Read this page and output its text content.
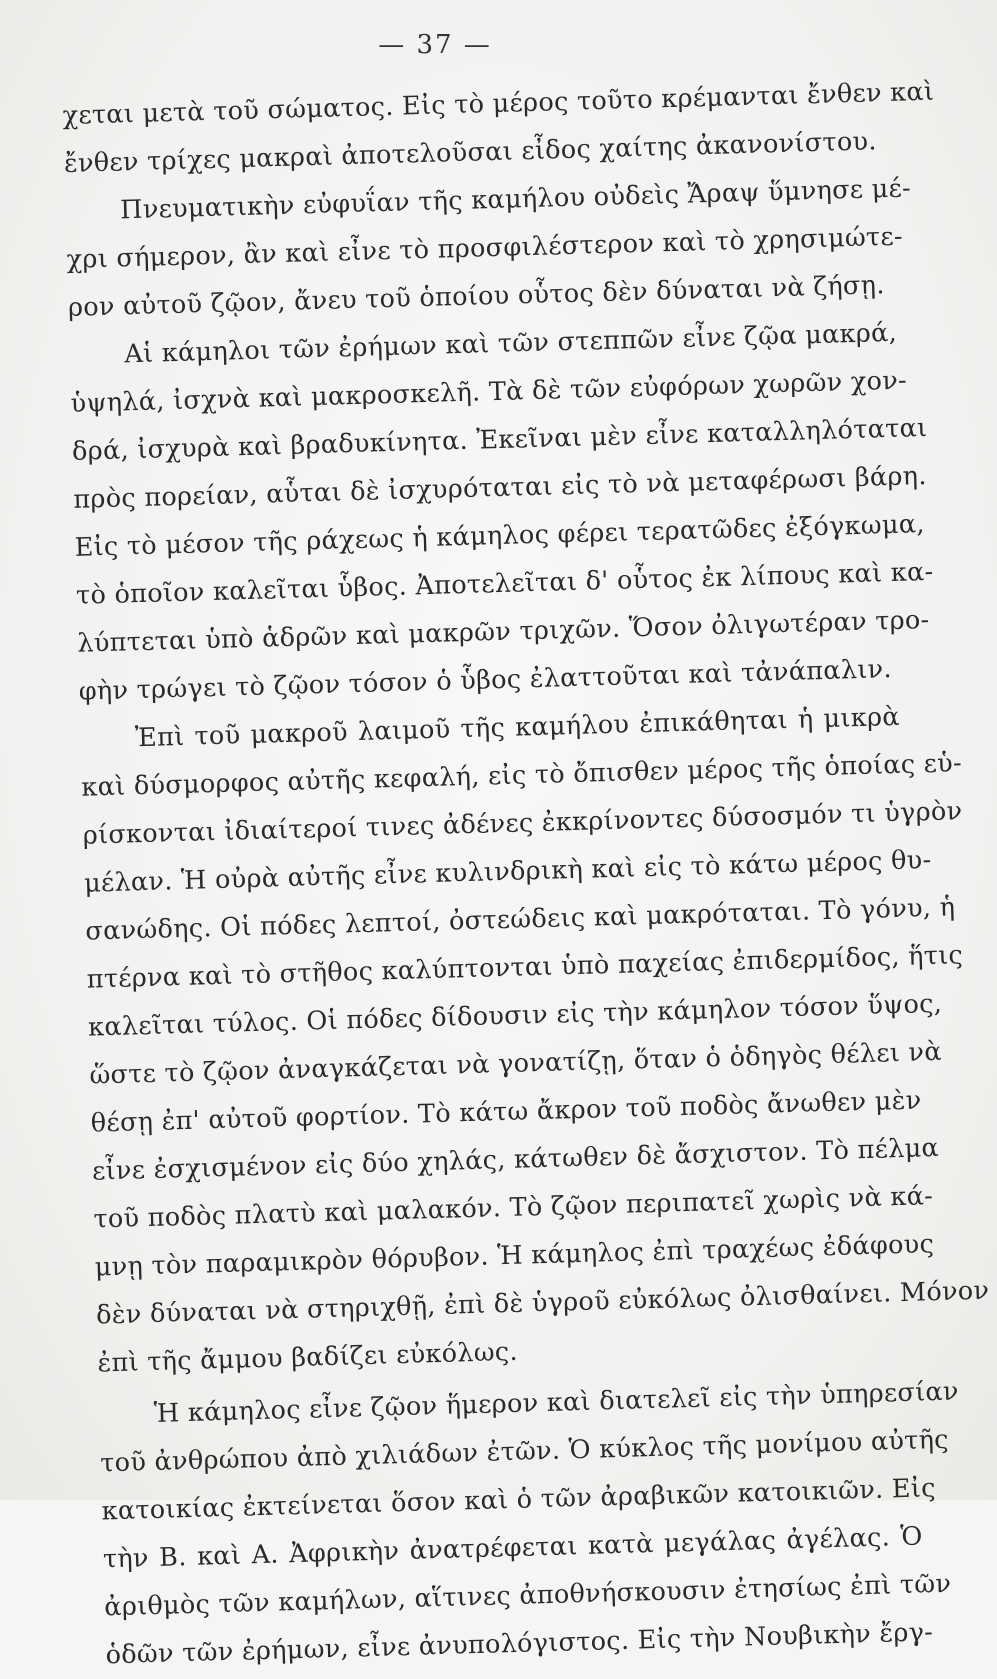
— 37 —
χεται μετὰ τοῦ σώματος. Εἰς τὸ μέρος τοῦτο κρέμανται ἔνθεν καὶ
ἔνθεν τρίχες μακραὶ ἀποτελοῦσαι εἶδος χαίτης ἀκανονίστου.
Πνευματικὴν εὐφυΐαν τῆς καμήλου οὐδεὶς Ἄραψ ὕμνησε μέ-
χρι σήμερον, ἂν καὶ εἶνε τὸ προσφιλέστερον καὶ τὸ χρησιμώτε-
ρον αὐτοῦ ζῷον, ἄνευ τοῦ ὁποίου οὗτος δὲν δύναται νὰ ζήσῃ.
Αἱ κάμηλοι τῶν ἐρήμων καὶ τῶν στεππῶν εἶνε ζῷα μακρά,
ὑψηλά, ἰσχνὰ καὶ μακροσκελῆ. Τὰ δὲ τῶν εὐφόρων χωρῶν χον-
δρά, ἰσχυρὰ καὶ βραδυκίνητα. Ἐκεῖναι μὲν εἶνε καταλληλόταται
πρὸς πορείαν, αὗται δὲ ἰσχυρόταται εἰς τὸ νὰ μεταφέρωσι βάρη.
Εἰς τὸ μέσον τῆς ράχεως ἡ κάμηλος φέρει τερατῶδες ἐξόγκωμα,
τὸ ὁποῖον καλεῖται ὗβος. Ἀποτελεῖται δ' οὗτος ἐκ λίπους καὶ κα-
λύπτεται ὑπὸ ἁδρῶν καὶ μακρῶν τριχῶν. Ὅσον ὀλιγωτέραν τρο-
φὴν τρώγει τὸ ζῷον τόσον ὁ ὗβος ἐλαττοῦται καὶ τἀνάπαλιν.
Ἐπὶ τοῦ μακροῦ λαιμοῦ τῆς καμήλου ἐπικάθηται ἡ μικρὰ
καὶ δύσμορφος αὐτῆς κεφαλή, εἰς τὸ ὄπισθεν μέρος τῆς ὁποίας εὑ-
ρίσκονται ἰδιαίτεροί τινες ἀδένες ἐκκρίνοντες δύσοσμόν τι ὑγρὸν
μέλαν. Ἡ οὐρὰ αὐτῆς εἶνε κυλινδρικὴ καὶ εἰς τὸ κάτω μέρος θυ-
σανώδης. Οἱ πόδες λεπτοί, ὀστεώδεις καὶ μακρόταται. Τὸ γόνυ, ἡ
πτέρνα καὶ τὸ στῆθος καλύπτονται ὑπὸ παχείας ἐπιδερμίδος, ἥτις
καλεῖται τύλος. Οἱ πόδες δίδουσιν εἰς τὴν κάμηλον τόσον ὕψος,
ὥστε τὸ ζῷον ἀναγκάζεται νὰ γονατίζῃ, ὅταν ὁ ὁδηγὸς θέλει νὰ
θέσῃ ἐπ' αὐτοῦ φορτίον. Τὸ κάτω ἄκρον τοῦ ποδὸς ἄνωθεν μὲν
εἶνε ἐσχισμένον εἰς δύο χηλάς, κάτωθεν δὲ ἄσχιστον. Τὸ πέλμα
τοῦ ποδὸς πλατὺ καὶ μαλακόν. Τὸ ζῷον περιπατεῖ χωρὶς νὰ κά-
μνῃ τὸν παραμικρὸν θόρυβον. Ἡ κάμηλος ἐπὶ τραχέως ἐδάφους
δὲν δύναται νὰ στηριχθῇ, ἐπὶ δὲ ὑγροῦ εὐκόλως ὀλισθαίνει. Μόνον
ἐπὶ τῆς ἄμμου βαδίζει εὐκόλως.
Ἡ κάμηλος εἶνε ζῷον ἥμερον καὶ διατελεῖ εἰς τὴν ὑπηρεσίαν
τοῦ ἀνθρώπου ἀπὸ χιλιάδων ἐτῶν. Ὁ κύκλος τῆς μονίμου αὐτῆς
κατοικίας ἐκτείνεται ὅσον καὶ ὁ τῶν ἀραβικῶν κατοικιῶν. Εἰς
τὴν Β. καὶ Α. Ἀφρικὴν ἀνατρέφεται κατὰ μεγάλας ἀγέλας. Ὁ
ἀριθμὸς τῶν καμήλων, αἵτινες ἀποθνήσκουσιν ἐτησίως ἐπὶ τῶν
ὁδῶν τῶν ἐρήμων, εἶνε ἀνυπολόγιστος. Εἰς τὴν Νουβικὴν ἔργ-
